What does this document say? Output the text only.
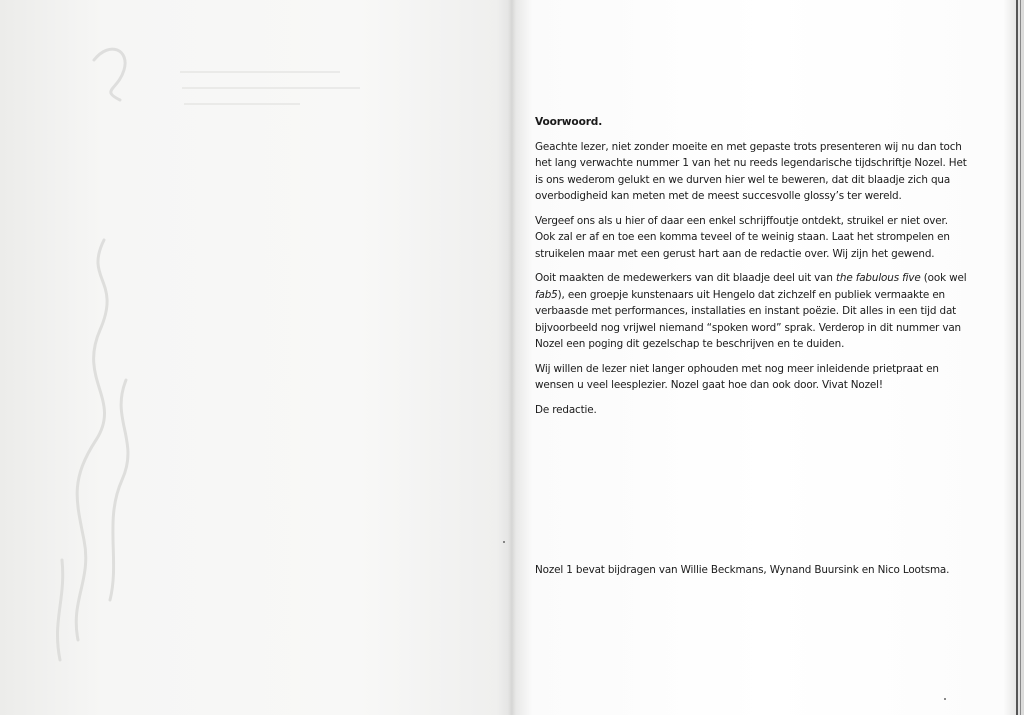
Voorwoord.

Geachte lezer, niet zonder moeite en met gepaste trots presenteren wij nu dan toch het lang verwachte nummer 1 van het nu reeds legendarische tijdschriftje Nozel. Het is ons wederom gelukt en we durven hier wel te beweren, dat dit blaadje zich qua overbodigheid kan meten met de meest succesvolle glossy’s ter wereld.

Vergeef ons als u hier of daar een enkel schrijffoutje ontdekt, struikel er niet over. Ook zal er af en toe een komma teveel of te weinig staan. Laat het strompelen en struikelen maar met een gerust hart aan de redactie over. Wij zijn het gewend.

Ooit maakten de medewerkers van dit blaadje deel uit van the fabulous five (ook wel fab5), een groepje kunstenaars uit Hengelo dat zichzelf en publiek vermaakte en verbaasde met performances, installaties en instant poëzie. Dit alles in een tijd dat bijvoorbeeld nog vrijwel niemand “spoken word” sprak. Verderop in dit nummer van Nozel een poging dit gezelschap te beschrijven en te duiden.

Wij willen de lezer niet langer ophouden met nog meer inleidende prietpraat en wensen u veel leesplezier. Nozel gaat hoe dan ook door. Vivat Nozel!

De redactie.

Nozel 1 bevat bijdragen van Willie Beckmans, Wynand Buursink en Nico Lootsma.
